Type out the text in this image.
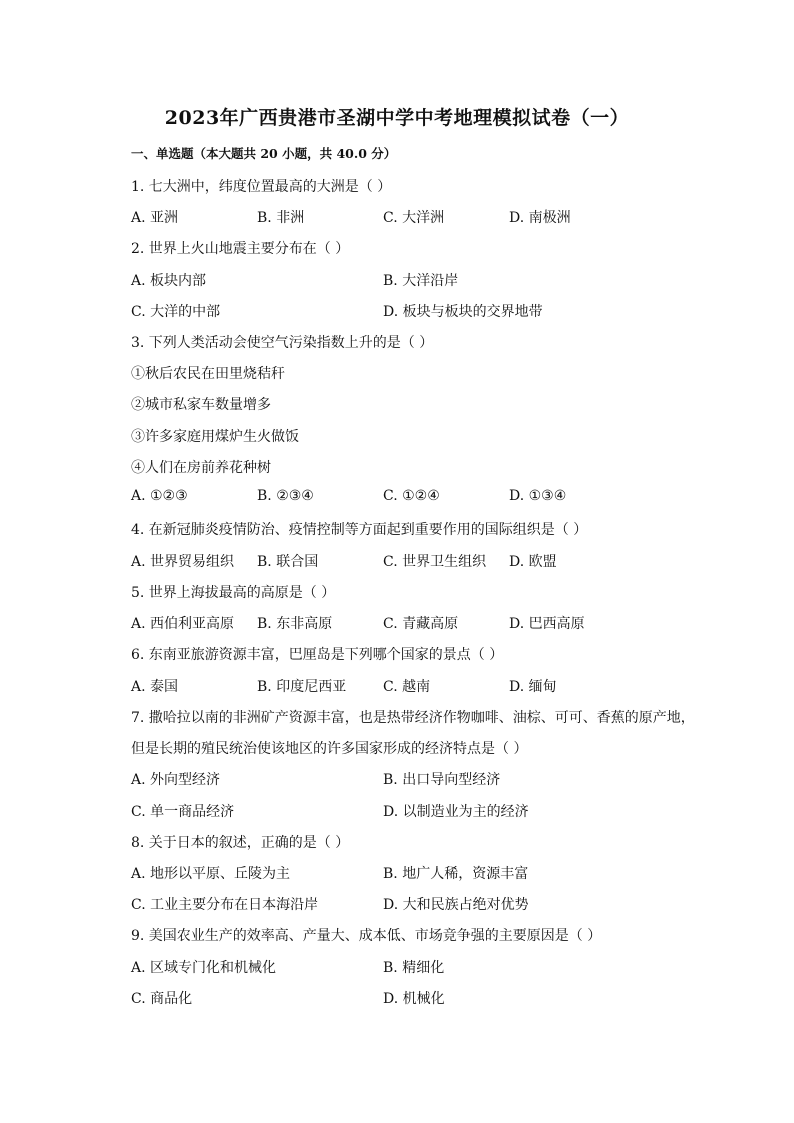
2023年广西贵港市圣湖中学中考地理模拟试卷（一）
一、单选题（本大题共 20 小题，共 40.0 分）
1. 七大洲中，纬度位置最高的大洲是（ ）
A. 亚洲	B. 非洲	C. 大洋洲	D. 南极洲
2. 世界上火山地震主要分布在（ ）
A. 板块内部	B. 大洋沿岸
C. 大洋的中部	D. 板块与板块的交界地带
3. 下列人类活动会使空气污染指数上升的是（ ）
①秋后农民在田里烧秸秆
②城市私家车数量增多
③许多家庭用煤炉生火做饭
④人们在房前养花种树
A. ①②③	B. ②③④	C. ①②④	D. ①③④
4. 在新冠肺炎疫情防治、疫情控制等方面起到重要作用的国际组织是（ ）
A. 世界贸易组织 B. 联合国	C. 世界卫生组织 D. 欧盟
5. 世界上海拔最高的高原是（ ）
A. 西伯利亚高原 B. 东非高原	C. 青藏高原	D. 巴西高原
6. 东南亚旅游资源丰富，巴厘岛是下列哪个国家的景点（ ）
A. 泰国	B. 印度尼西亚	C. 越南	D. 缅甸
7. 撒哈拉以南的非洲矿产资源丰富，也是热带经济作物咖啡、油棕、可可、香蕉的原产地，
但是长期的殖民统治使该地区的许多国家形成的经济特点是（ ）
A. 外向型经济	B. 出口导向型经济
C. 单一商品经济	D. 以制造业为主的经济
8. 关于日本的叙述，正确的是（ ）
A. 地形以平原、丘陵为主	B. 地广人稀，资源丰富
C. 工业主要分布在日本海沿岸	D. 大和民族占绝对优势
9. 美国农业生产的效率高、产量大、成本低、市场竞争强的主要原因是（ ）
A. 区域专门化和机械化	B. 精细化
C. 商品化	D. 机械化
